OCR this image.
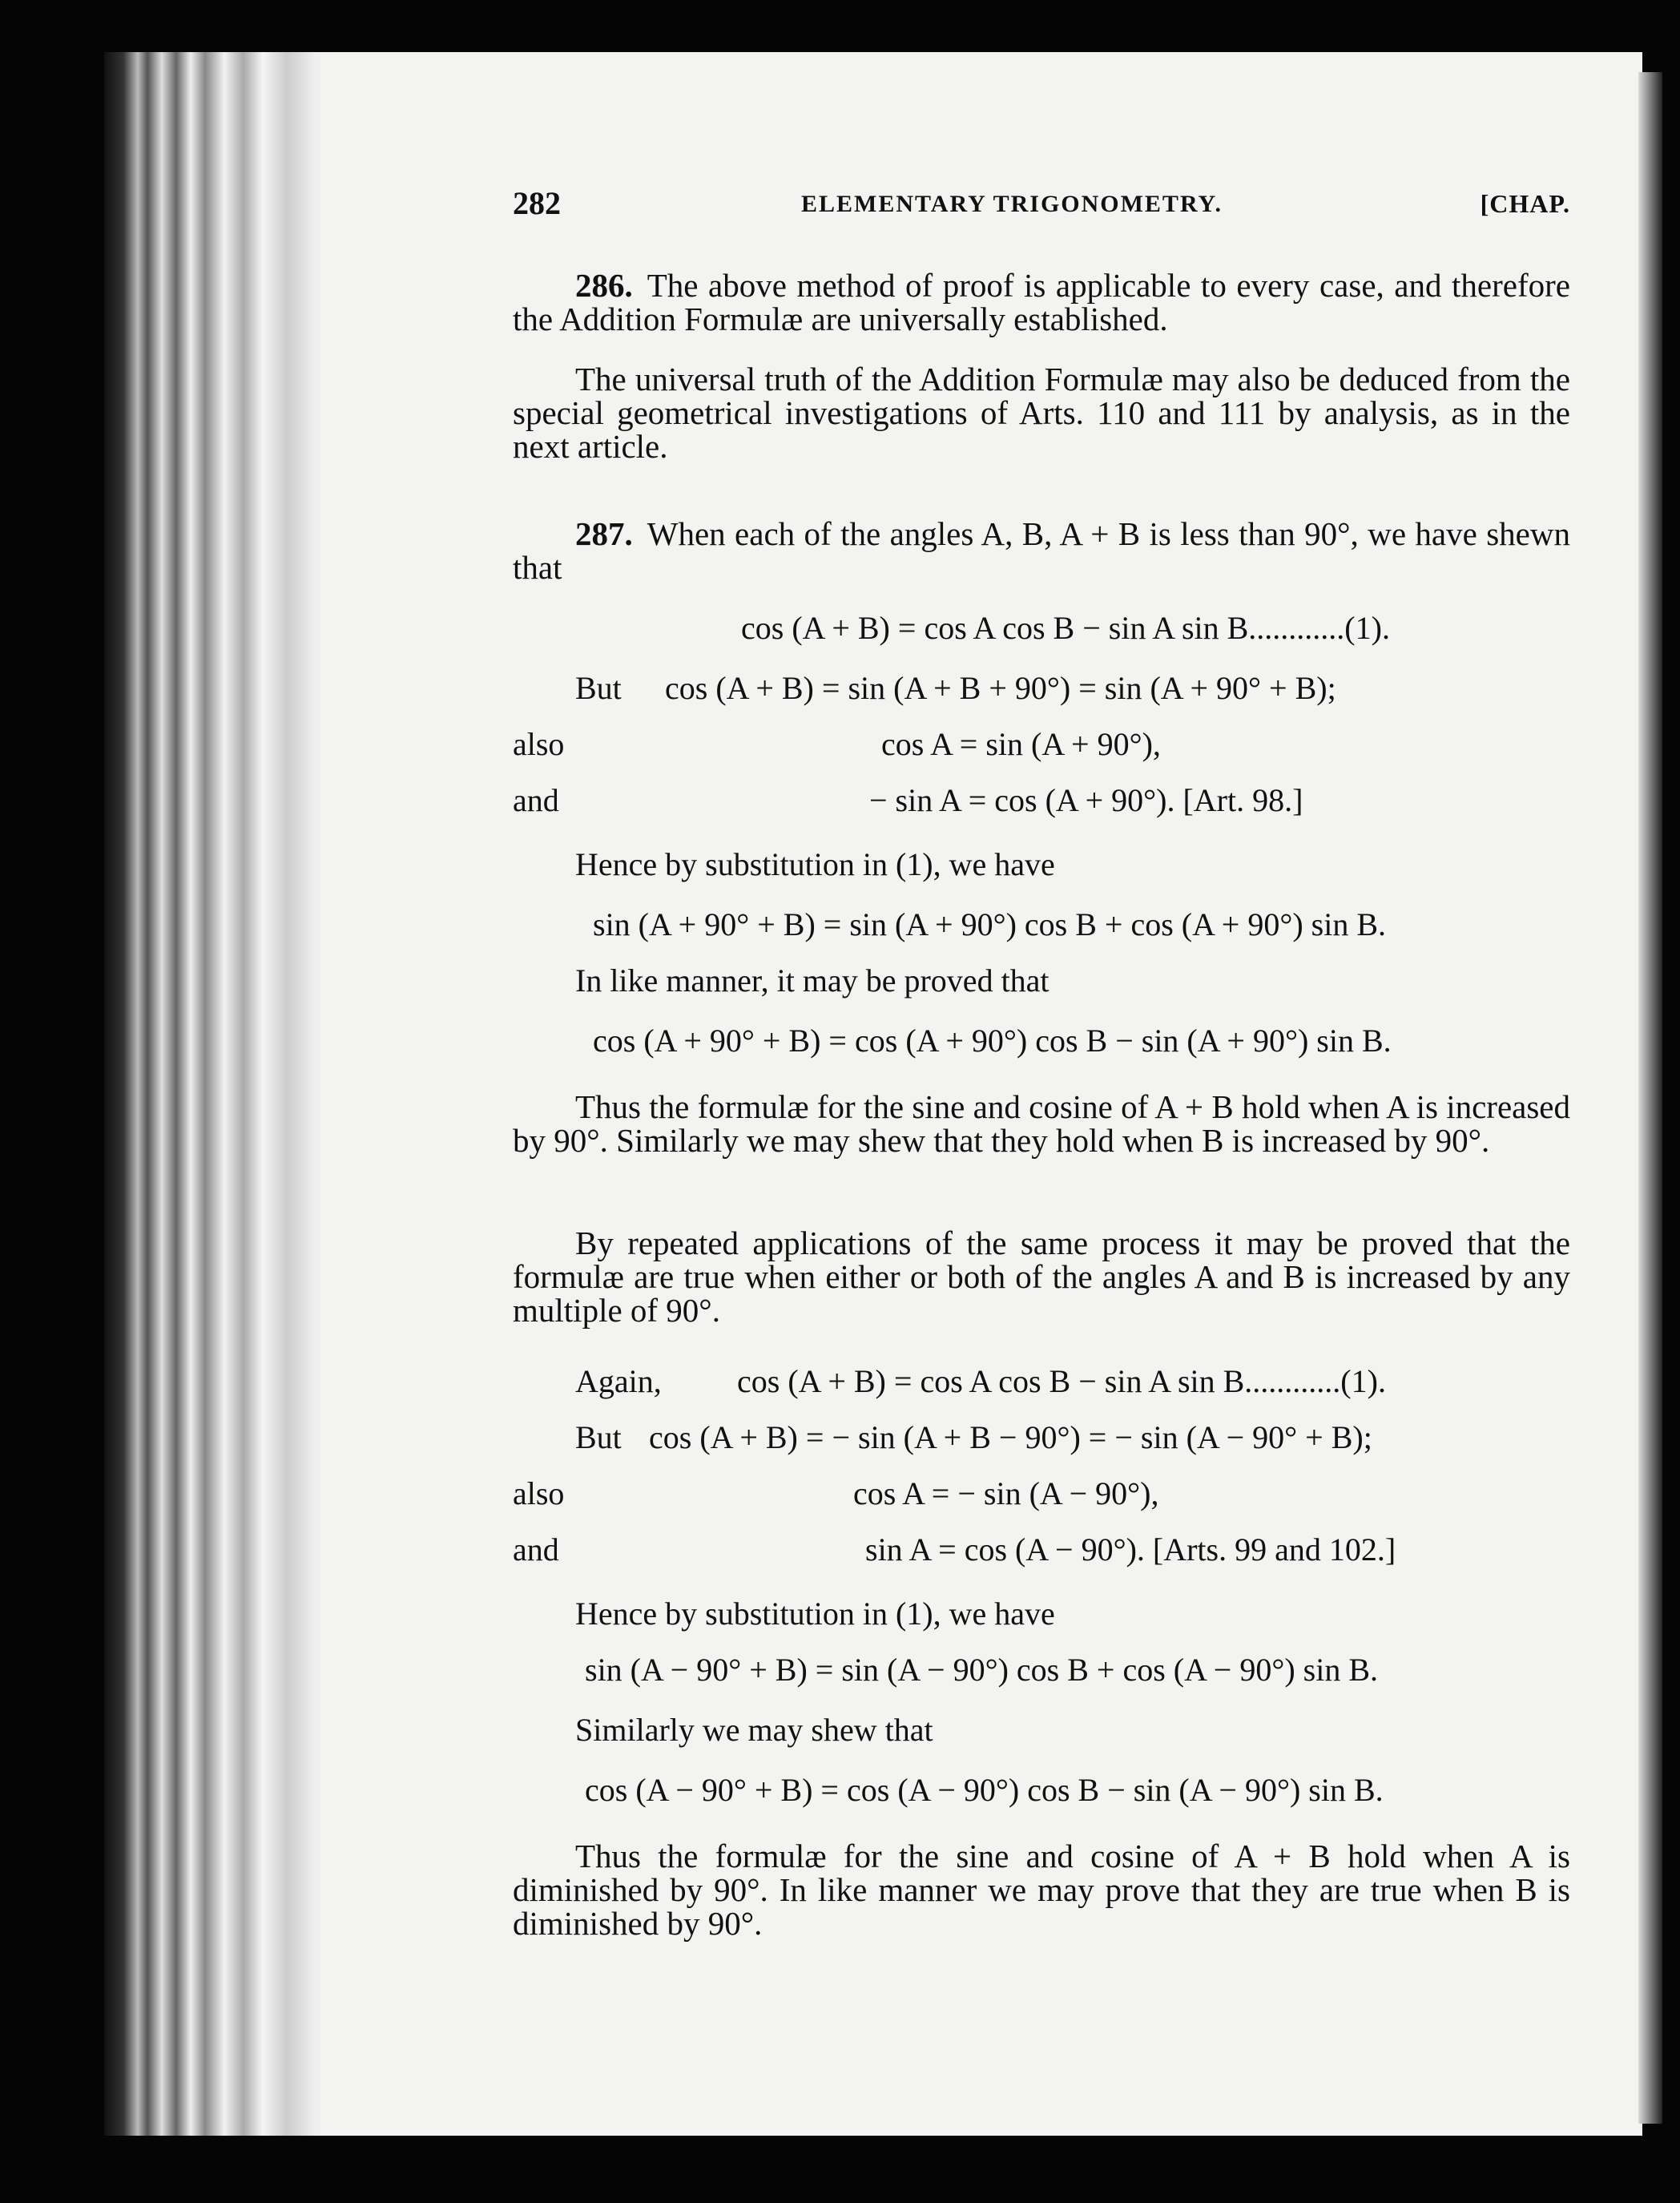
282	ELEMENTARY TRIGONOMETRY.	[CHAP.
286. The above method of proof is applicable to every case, and therefore the Addition Formulæ are universally established.
The universal truth of the Addition Formulæ may also be deduced from the special geometrical investigations of Arts. 110 and 111 by analysis, as in the next article.
287. When each of the angles A, B, A + B is less than 90°, we have shewn that
cos (A + B) = cos A cos B − sin A sin B............(1).
But cos (A + B) = sin (A + B + 90°) = sin (A + 90° + B);
also	cos A = sin (A + 90°),
and	− sin A = cos (A + 90°). [Art. 98.]
Hence by substitution in (1), we have
sin (A + 90° + B) = sin (A + 90°) cos B + cos (A + 90°) sin B.
In like manner, it may be proved that
cos (A + 90° + B) = cos (A + 90°) cos B − sin (A + 90°) sin B.
Thus the formulæ for the sine and cosine of A + B hold when A is increased by 90°. Similarly we may shew that they hold when B is increased by 90°.
By repeated applications of the same process it may be proved that the formulæ are true when either or both of the angles A and B is increased by any multiple of 90°.
Again, cos (A + B) = cos A cos B − sin A sin B............(1).
But cos (A + B) = − sin (A + B − 90°) = − sin (A − 90° + B);
also	cos A = − sin (A − 90°),
and	sin A = cos (A − 90°). [Arts. 99 and 102.]
Hence by substitution in (1), we have
sin (A − 90° + B) = sin (A − 90°) cos B + cos (A − 90°) sin B.
Similarly we may shew that
cos (A − 90° + B) = cos (A − 90°) cos B − sin (A − 90°) sin B.
Thus the formulæ for the sine and cosine of A + B hold when A is diminished by 90°. In like manner we may prove that they are true when B is diminished by 90°.
